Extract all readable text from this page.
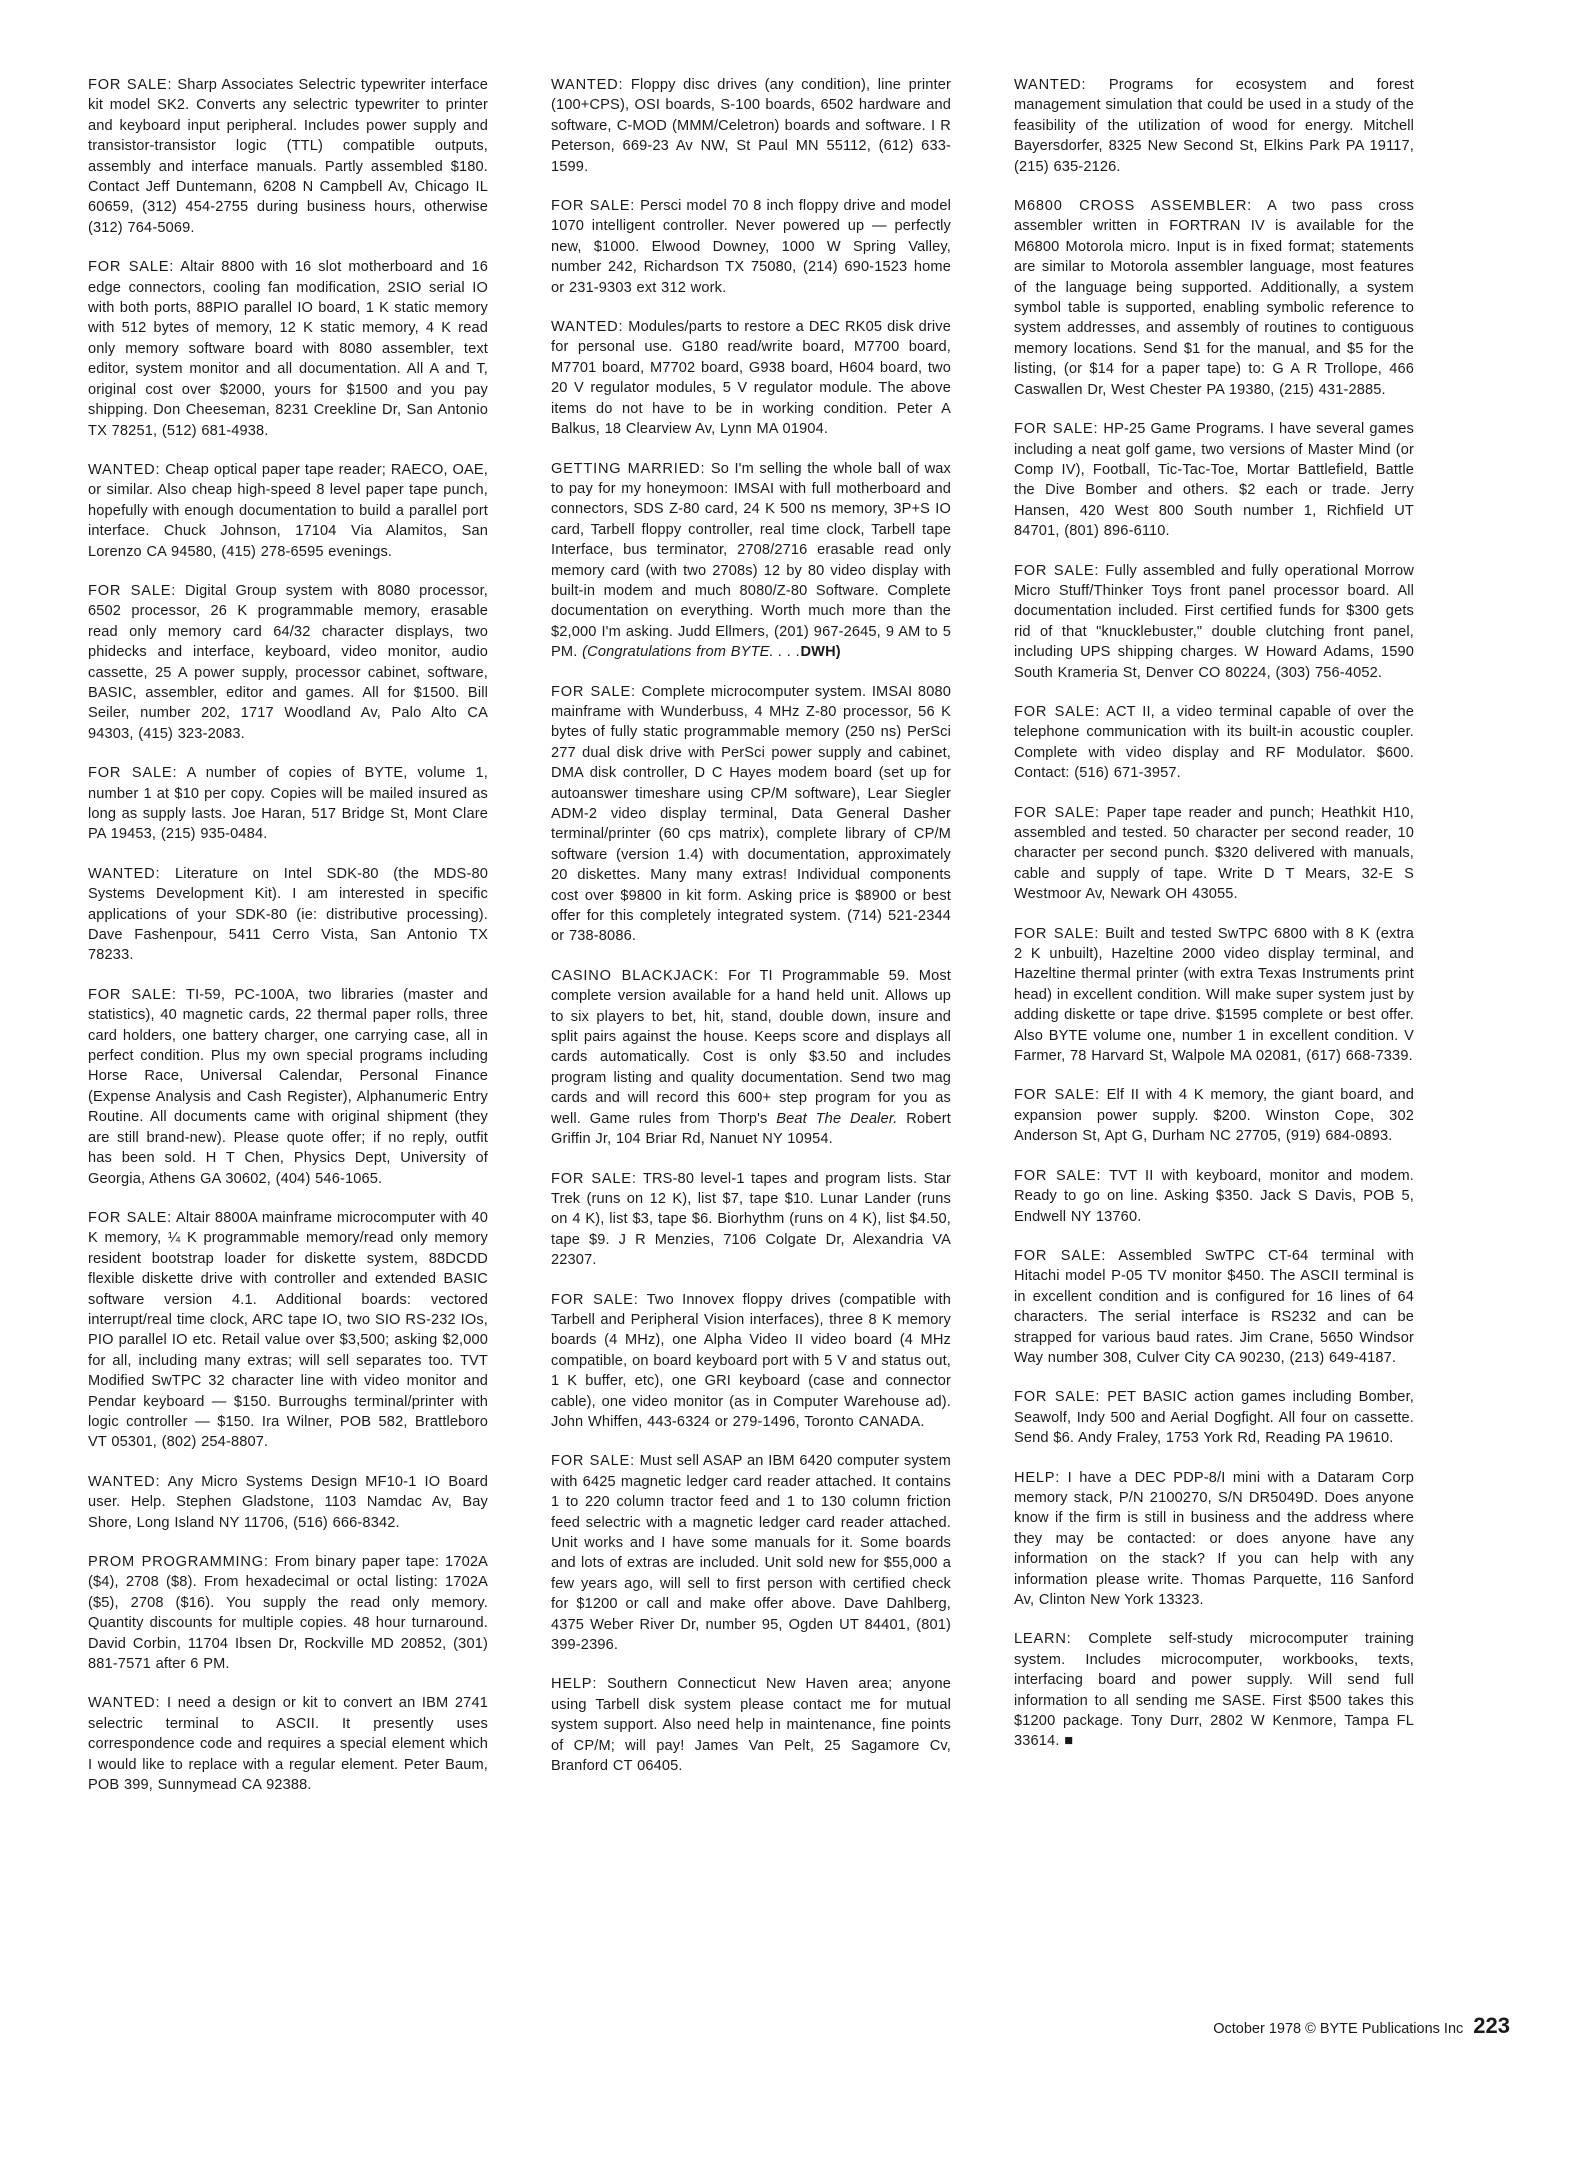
FOR SALE: Sharp Associates Selectric typewriter interface kit model SK2. Converts any selectric typewriter to printer and keyboard input peripheral. Includes power supply and transistor-transistor logic (TTL) compatible outputs, assembly and interface manuals. Partly assembled $180. Contact Jeff Duntemann, 6208 N Campbell Av, Chicago IL 60659, (312) 454-2755 during business hours, otherwise (312) 764-5069.

FOR SALE: Altair 8800 with 16 slot motherboard and 16 edge connectors, cooling fan modification, 2SIO serial IO with both ports, 88PIO parallel IO board, 1 K static memory with 512 bytes of memory, 12 K static memory, 4 K read only memory software board with 8080 assembler, text editor, system monitor and all documentation. All A and T, original cost over $2000, yours for $1500 and you pay shipping. Don Cheeseman, 8231 Creekline Dr, San Antonio TX 78251, (512) 681-4938.

WANTED: Cheap optical paper tape reader; RAECO, OAE, or similar. Also cheap high-speed 8 level paper tape punch, hopefully with enough documentation to build a parallel port interface. Chuck Johnson, 17104 Via Alamitos, San Lorenzo CA 94580, (415) 278-6595 evenings.

FOR SALE: Digital Group system with 8080 processor, 6502 processor, 26 K programmable memory, erasable read only memory card 64/32 character displays, two phidecks and interface, keyboard, video monitor, audio cassette, 25 A power supply, processor cabinet, software, BASIC, assembler, editor and games. All for $1500. Bill Seiler, number 202, 1717 Woodland Av, Palo Alto CA 94303, (415) 323-2083.

FOR SALE: A number of copies of BYTE, volume 1, number 1 at $10 per copy. Copies will be mailed insured as long as supply lasts. Joe Haran, 517 Bridge St, Mont Clare PA 19453, (215) 935-0484.

WANTED: Literature on Intel SDK-80 (the MDS-80 Systems Development Kit). I am interested in specific applications of your SDK-80 (ie: distributive processing). Dave Fashenpour, 5411 Cerro Vista, San Antonio TX 78233.

FOR SALE: TI-59, PC-100A, two libraries (master and statistics), 40 magnetic cards, 22 thermal paper rolls, three card holders, one battery charger, one carrying case, all in perfect condition. Plus my own special programs including Horse Race, Universal Calendar, Personal Finance (Expense Analysis and Cash Register), Alphanumeric Entry Routine. All documents came with original shipment (they are still brand-new). Please quote offer; if no reply, outfit has been sold. H T Chen, Physics Dept, University of Georgia, Athens GA 30602, (404) 546-1065.

FOR SALE: Altair 8800A mainframe microcomputer with 40 K memory, ¼ K programmable memory/read only memory resident bootstrap loader for diskette system, 88DCDD flexible diskette drive with controller and extended BASIC software version 4.1. Additional boards: vectored interrupt/real time clock, ARC tape IO, two SIO RS-232 IOs, PIO parallel IO etc. Retail value over $3,500; asking $2,000 for all, including many extras; will sell separates too. TVT Modified SwTPC 32 character line with video monitor and Pendar keyboard — $150. Burroughs terminal/printer with logic controller — $150. Ira Wilner, POB 582, Brattleboro VT 05301, (802) 254-8807.

WANTED: Any Micro Systems Design MF10-1 IO Board user. Help. Stephen Gladstone, 1103 Namdac Av, Bay Shore, Long Island NY 11706, (516) 666-8342.

PROM PROGRAMMING: From binary paper tape: 1702A ($4), 2708 ($8). From hexadecimal or octal listing: 1702A ($5), 2708 ($16). You supply the read only memory. Quantity discounts for multiple copies. 48 hour turnaround. David Corbin, 11704 Ibsen Dr, Rockville MD 20852, (301) 881-7571 after 6 PM.

WANTED: I need a design or kit to convert an IBM 2741 selectric terminal to ASCII. It presently uses correspondence code and requires a special element which I would like to replace with a regular element. Peter Baum, POB 399, Sunnymead CA 92388.

WANTED: Floppy disc drives (any condition), line printer (100+CPS), OSI boards, S-100 boards, 6502 hardware and software, C-MOD (MMM/Celetron) boards and software. I R Peterson, 669-23 Av NW, St Paul MN 55112, (612) 633-1599.

FOR SALE: Persci model 70 8 inch floppy drive and model 1070 intelligent controller. Never powered up — perfectly new, $1000. Elwood Downey, 1000 W Spring Valley, number 242, Richardson TX 75080, (214) 690-1523 home or 231-9303 ext 312 work.

WANTED: Modules/parts to restore a DEC RK05 disk drive for personal use. G180 read/write board, M7700 board, M7701 board, M7702 board, G938 board, H604 board, two 20 V regulator modules, 5 V regulator module. The above items do not have to be in working condition. Peter A Balkus, 18 Clearview Av, Lynn MA 01904.

GETTING MARRIED: So I'm selling the whole ball of wax to pay for my honeymoon: IMSAI with full motherboard and connectors, SDS Z-80 card, 24 K 500 ns memory, 3P+S IO card, Tarbell floppy controller, real time clock, Tarbell tape Interface, bus terminator, 2708/2716 erasable read only memory card (with two 2708s) 12 by 80 video display with built-in modem and much 8080/Z-80 Software. Complete documentation on everything. Worth much more than the $2,000 I'm asking. Judd Ellmers, (201) 967-2645, 9 AM to 5 PM. (Congratulations from BYTE. . . .DWH)

FOR SALE: Complete microcomputer system. IMSAI 8080 mainframe with Wunderbuss, 4 MHz Z-80 processor, 56 K bytes of fully static programmable memory (250 ns) PerSci 277 dual disk drive with PerSci power supply and cabinet, DMA disk controller, D C Hayes modem board (set up for autoanswer timeshare using CP/M software), Lear Siegler ADM-2 video display terminal, Data General Dasher terminal/printer (60 cps matrix), complete library of CP/M software (version 1.4) with documentation, approximately 20 diskettes. Many many extras! Individual components cost over $9800 in kit form. Asking price is $8900 or best offer for this completely integrated system. (714) 521-2344 or 738-8086.

CASINO BLACKJACK: For TI Programmable 59. Most complete version available for a hand held unit. Allows up to six players to bet, hit, stand, double down, insure and split pairs against the house. Keeps score and displays all cards automatically. Cost is only $3.50 and includes program listing and quality documentation. Send two mag cards and will record this 600+ step program for you as well. Game rules from Thorp's Beat The Dealer. Robert Griffin Jr, 104 Briar Rd, Nanuet NY 10954.

FOR SALE: TRS-80 level-1 tapes and program lists. Star Trek (runs on 12 K), list $7, tape $10. Lunar Lander (runs on 4 K), list $3, tape $6. Biorhythm (runs on 4 K), list $4.50, tape $9. J R Menzies, 7106 Colgate Dr, Alexandria VA 22307.

FOR SALE: Two Innovex floppy drives (compatible with Tarbell and Peripheral Vision interfaces), three 8 K memory boards (4 MHz), one Alpha Video II video board (4 MHz compatible, on board keyboard port with 5 V and status out, 1 K buffer, etc), one GRI keyboard (case and connector cable), one video monitor (as in Computer Warehouse ad). John Whiffen, 443-6324 or 279-1496, Toronto CANADA.

FOR SALE: Must sell ASAP an IBM 6420 computer system with 6425 magnetic ledger card reader attached. It contains 1 to 220 column tractor feed and 1 to 130 column friction feed selectric with a magnetic ledger card reader attached. Unit works and I have some manuals for it. Some boards and lots of extras are included. Unit sold new for $55,000 a few years ago, will sell to first person with certified check for $1200 or call and make offer above. Dave Dahlberg, 4375 Weber River Dr, number 95, Ogden UT 84401, (801) 399-2396.

HELP: Southern Connecticut New Haven area; anyone using Tarbell disk system please contact me for mutual system support. Also need help in maintenance, fine points of CP/M; will pay! James Van Pelt, 25 Sagamore Cv, Branford CT 06405.

WANTED: Programs for ecosystem and forest management simulation that could be used in a study of the feasibility of the utilization of wood for energy. Mitchell Bayersdorfer, 8325 New Second St, Elkins Park PA 19117, (215) 635-2126.

M6800 CROSS ASSEMBLER: A two pass cross assembler written in FORTRAN IV is available for the M6800 Motorola micro. Input is in fixed format; statements are similar to Motorola assembler language, most features of the language being supported. Additionally, a system symbol table is supported, enabling symbolic reference to system addresses, and assembly of routines to contiguous memory locations. Send $1 for the manual, and $5 for the listing, (or $14 for a paper tape) to: G A R Trollope, 466 Caswallen Dr, West Chester PA 19380, (215) 431-2885.

FOR SALE: HP-25 Game Programs. I have several games including a neat golf game, two versions of Master Mind (or Comp IV), Football, Tic-Tac-Toe, Mortar Battlefield, Battle the Dive Bomber and others. $2 each or trade. Jerry Hansen, 420 West 800 South number 1, Richfield UT 84701, (801) 896-6110.

FOR SALE: Fully assembled and fully operational Morrow Micro Stuff/Thinker Toys front panel processor board. All documentation included. First certified funds for $300 gets rid of that "knucklebuster," double clutching front panel, including UPS shipping charges. W Howard Adams, 1590 South Krameria St, Denver CO 80224, (303) 756-4052.

FOR SALE: ACT II, a video terminal capable of over the telephone communication with its built-in acoustic coupler. Complete with video display and RF Modulator. $600. Contact: (516) 671-3957.

FOR SALE: Paper tape reader and punch; Heathkit H10, assembled and tested. 50 character per second reader, 10 character per second punch. $320 delivered with manuals, cable and supply of tape. Write D T Mears, 32-E S Westmoor Av, Newark OH 43055.

FOR SALE: Built and tested SwTPC 6800 with 8 K (extra 2 K unbuilt), Hazeltine 2000 video display terminal, and Hazeltine thermal printer (with extra Texas Instruments print head) in excellent condition. Will make super system just by adding diskette or tape drive. $1595 complete or best offer. Also BYTE volume one, number 1 in excellent condition. V Farmer, 78 Harvard St, Walpole MA 02081, (617) 668-7339.

FOR SALE: Elf II with 4 K memory, the giant board, and expansion power supply. $200. Winston Cope, 302 Anderson St, Apt G, Durham NC 27705, (919) 684-0893.

FOR SALE: TVT II with keyboard, monitor and modem. Ready to go on line. Asking $350. Jack S Davis, POB 5, Endwell NY 13760.

FOR SALE: Assembled SwTPC CT-64 terminal with Hitachi model P-05 TV monitor $450. The ASCII terminal is in excellent condition and is configured for 16 lines of 64 characters. The serial interface is RS232 and can be strapped for various baud rates. Jim Crane, 5650 Windsor Way number 308, Culver City CA 90230, (213) 649-4187.

FOR SALE: PET BASIC action games including Bomber, Seawolf, Indy 500 and Aerial Dogfight. All four on cassette. Send $6. Andy Fraley, 1753 York Rd, Reading PA 19610.

HELP: I have a DEC PDP-8/I mini with a Dataram Corp memory stack, P/N 2100270, S/N DR5049D. Does anyone know if the firm is still in business and the address where they may be contacted: or does anyone have any information on the stack? If you can help with any information please write. Thomas Parquette, 116 Sanford Av, Clinton New York 13323.

LEARN: Complete self-study microcomputer training system. Includes microcomputer, workbooks, texts, interfacing board and power supply. Will send full information to all sending me SASE. First $500 takes this $1200 package. Tony Durr, 2802 W Kenmore, Tampa FL 33614. ■

October 1978 © BYTE Publications Inc 223
